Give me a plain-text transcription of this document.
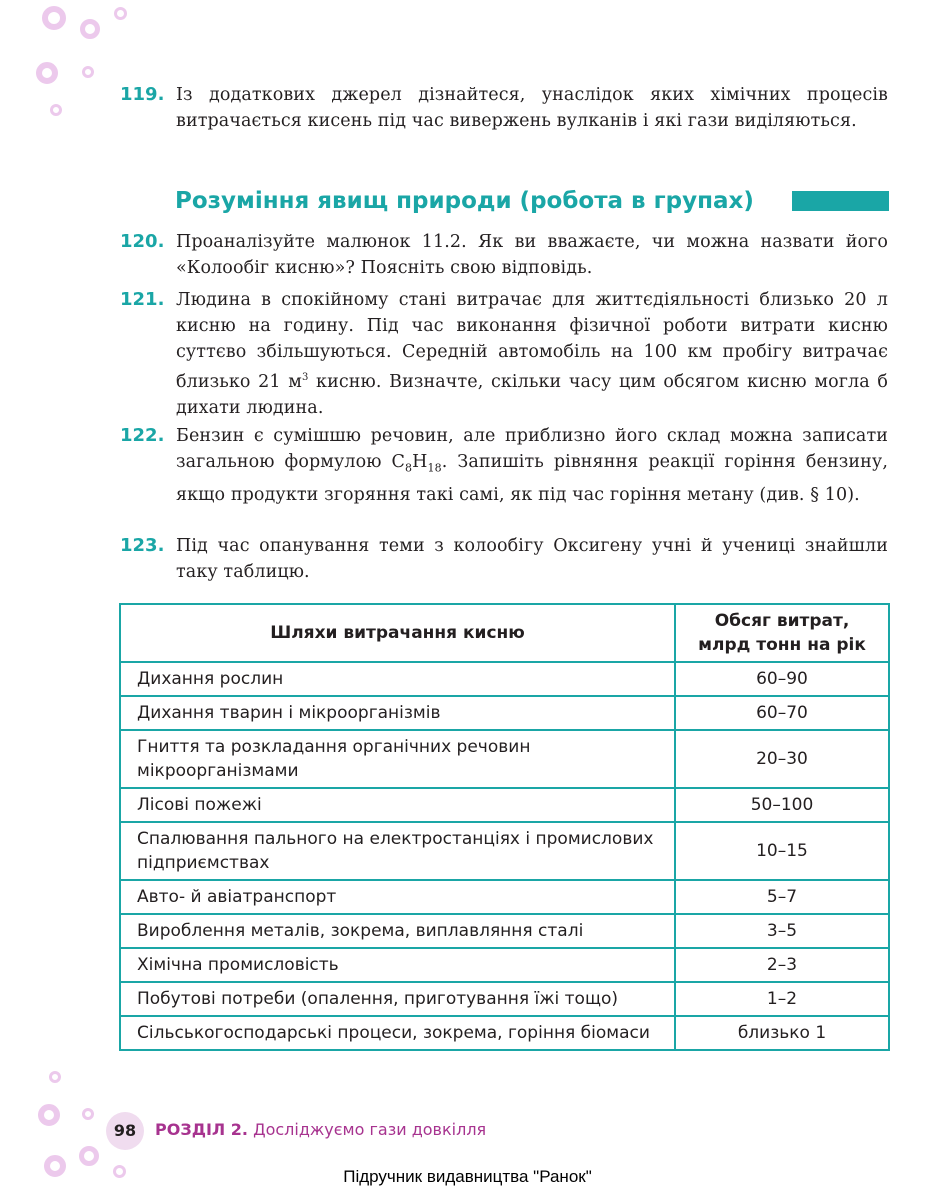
119. Із додаткових джерел дізнайтеся, унаслідок яких хімічних процесів витрачається кисень під час вивержень вулканів і які гази виділяються.
Розуміння явищ природи (робота в групах)
120. Проаналізуйте малюнок 11.2. Як ви вважаєте, чи можна назвати його «Колообіг кисню»? Поясніть свою відповідь.
121. Людина в спокійному стані витрачає для життєдіяльності близько 20 л кисню на годину. Під час виконання фізичної роботи витрати кисню суттєво збільшуються. Середній автомобіль на 100 км пробігу витрачає близько 21 $м^3$ кисню. Визначте, скільки часу цим обсягом кисню могла б дихати людина.
122. Бензин є сумішшю речовин, але приблизно його склад можна записати загальною формулою $C_8H_{18}$. Запишіть рівняння реакції горіння бензину, якщо продукти згоряння такі самі, як під час горіння метану (див. § 10).
123. Під час опанування теми з колообігу Оксигену учні й учениці знайшли таку таблицю.
Шляхи витрачання кисню	Обсяг витрат,
млрд тонн на рік
Дихання рослин	60–90
Дихання тварин і мікроорганізмів	60–70
Гниття та розкладання органічних речовин мікроорганізмами	20–30
Лісові пожежі	50–100
Спалювання пального на електростанціях і промислових підприємствах	10–15
Авто- й авіатранспорт	5–7
Вироблення металів, зокрема, виплавляння сталі	3–5
Хімічна промисловість	2–3
Побутові потреби (опалення, приготування їжі тощо)	1–2
Сільськогосподарські процеси, зокрема, горіння біомаси	близько 1
98	РОЗДІЛ 2. Досліджуємо гази довкілля
Підручник видавництва "Ранок"
